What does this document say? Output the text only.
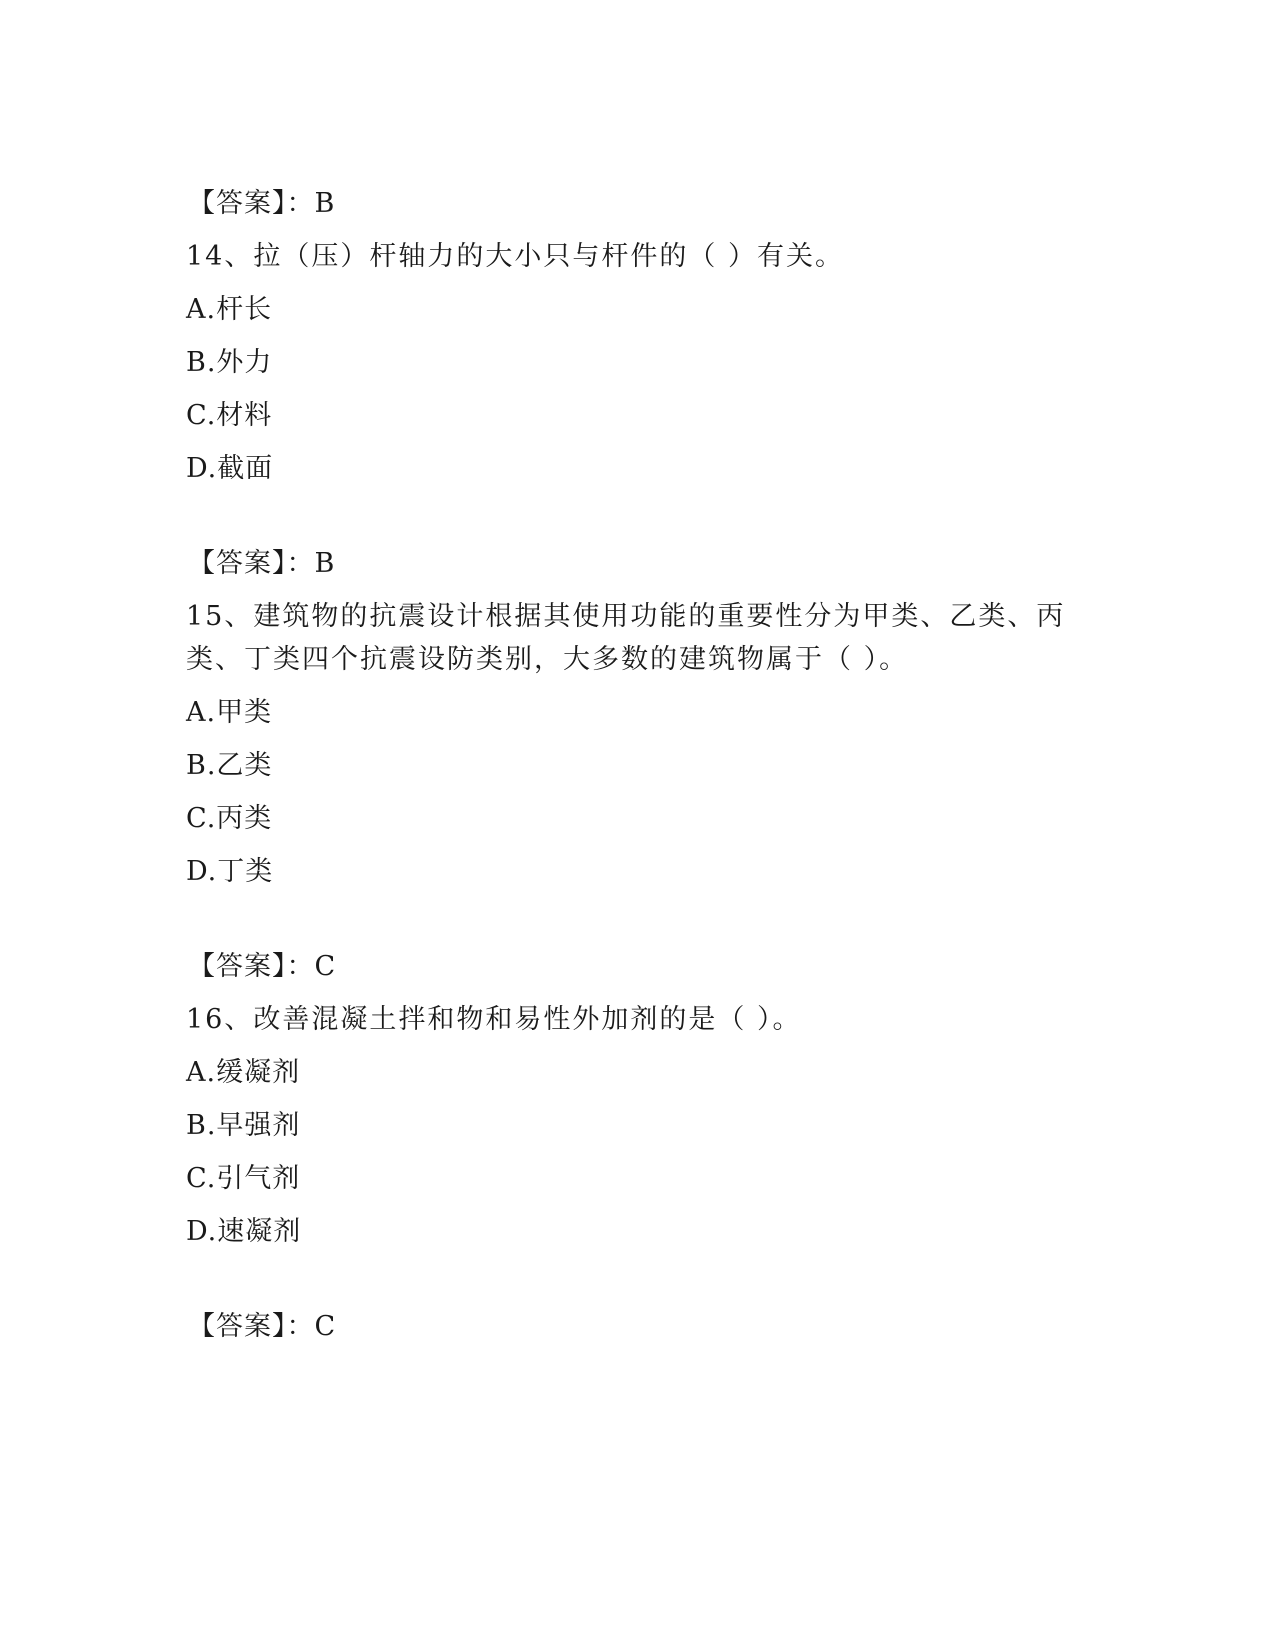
【答案】：B
14、拉（压）杆轴力的大小只与杆件的（ ）有关。
A.杆长
B.外力
C.材料
D.截面
【答案】：B
15、建筑物的抗震设计根据其使用功能的重要性分为甲类、乙类、丙
类、丁类四个抗震设防类别，大多数的建筑物属于（ ）。
A.甲类
B.乙类
C.丙类
D.丁类
【答案】：C
16、改善混凝土拌和物和易性外加剂的是（ ）。
A.缓凝剂
B.早强剂
C.引气剂
D.速凝剂
【答案】：C
